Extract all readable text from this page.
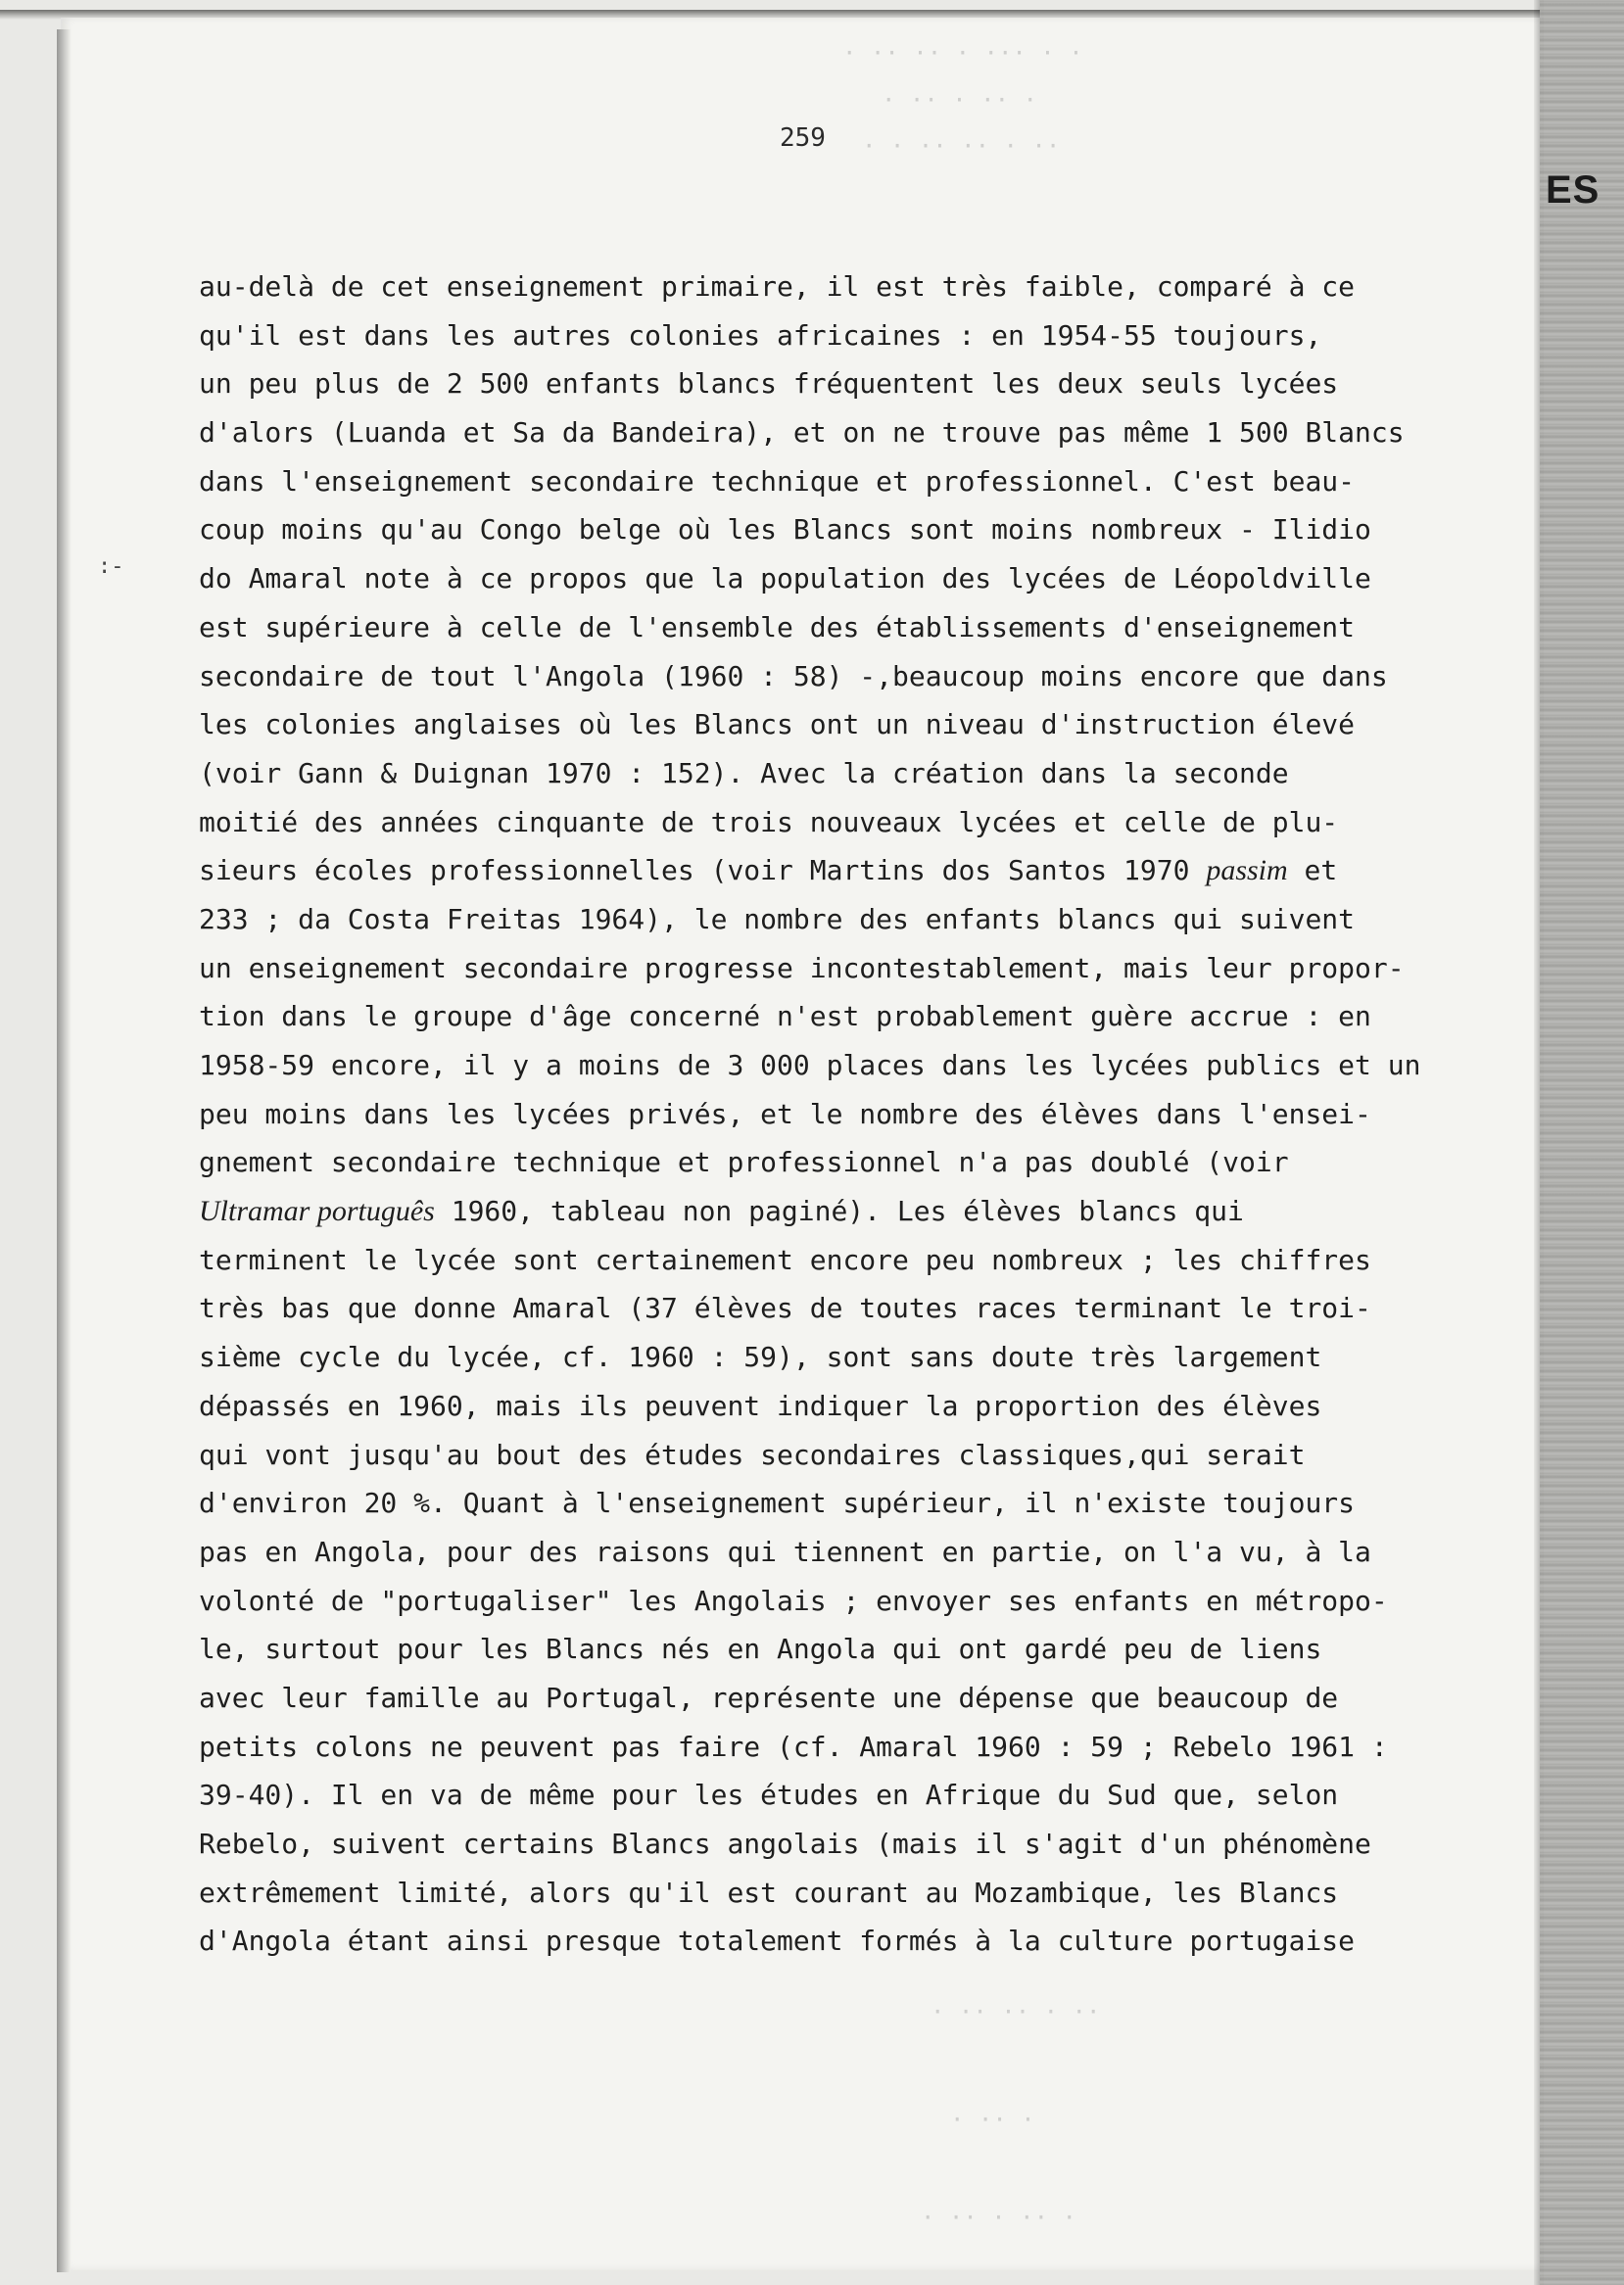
ES
· ·· ·· · ··· · ·
· ·· · ·· ·
· · ·· ·· · ··
· ·· ·· · ··
· ·· ·
· ·· · ·· ·
:-
259
au-delà de cet enseignement primaire, il est très faible, comparé à ce
qu'il est dans les autres colonies africaines : en 1954-55 toujours,
un peu plus de 2 500 enfants blancs fréquentent les deux seuls lycées
d'alors (Luanda et Sa da Bandeira), et on ne trouve pas même 1 500 Blancs
dans l'enseignement secondaire technique et professionnel. C'est beau-
coup moins qu'au Congo belge où les Blancs sont moins nombreux - Ilidio
do Amaral note à ce propos que la population des lycées de Léopoldville
est supérieure à celle de l'ensemble des établissements d'enseignement
secondaire de tout l'Angola (1960 : 58) -,beaucoup moins encore que dans
les colonies anglaises où les Blancs ont un niveau d'instruction élevé
(voir Gann & Duignan 1970 : 152). Avec la création dans la seconde
moitié des années cinquante de trois nouveaux lycées et celle de plu-
sieurs écoles professionnelles (voir Martins dos Santos 1970 passim et
233 ; da Costa Freitas 1964), le nombre des enfants blancs qui suivent
un enseignement secondaire progresse incontestablement, mais leur propor-
tion dans le groupe d'âge concerné n'est probablement guère accrue : en
1958-59 encore, il y a moins de 3 000 places dans les lycées publics et un
peu moins dans les lycées privés, et le nombre des élèves dans l'ensei-
gnement secondaire technique et professionnel n'a pas doublé (voir
Ultramar português 1960, tableau non paginé). Les élèves blancs qui
terminent le lycée sont certainement encore peu nombreux ; les chiffres
très bas que donne Amaral (37 élèves de toutes races terminant le troi-
sième cycle du lycée, cf. 1960 : 59), sont sans doute très largement
dépassés en 1960, mais ils peuvent indiquer la proportion des élèves
qui vont jusqu'au bout des études secondaires classiques,qui serait
d'environ 20 %. Quant à l'enseignement supérieur, il n'existe toujours
pas en Angola, pour des raisons qui tiennent en partie, on l'a vu, à la
volonté de "portugaliser" les Angolais ; envoyer ses enfants en métropo-
le, surtout pour les Blancs nés en Angola qui ont gardé peu de liens
avec leur famille au Portugal, représente une dépense que beaucoup de
petits colons ne peuvent pas faire (cf. Amaral 1960 : 59 ; Rebelo 1961 :
39-40). Il en va de même pour les études en Afrique du Sud que, selon
Rebelo, suivent certains Blancs angolais (mais il s'agit d'un phénomène
extrêmement limité, alors qu'il est courant au Mozambique, les Blancs
d'Angola étant ainsi presque totalement formés à la culture portugaise
